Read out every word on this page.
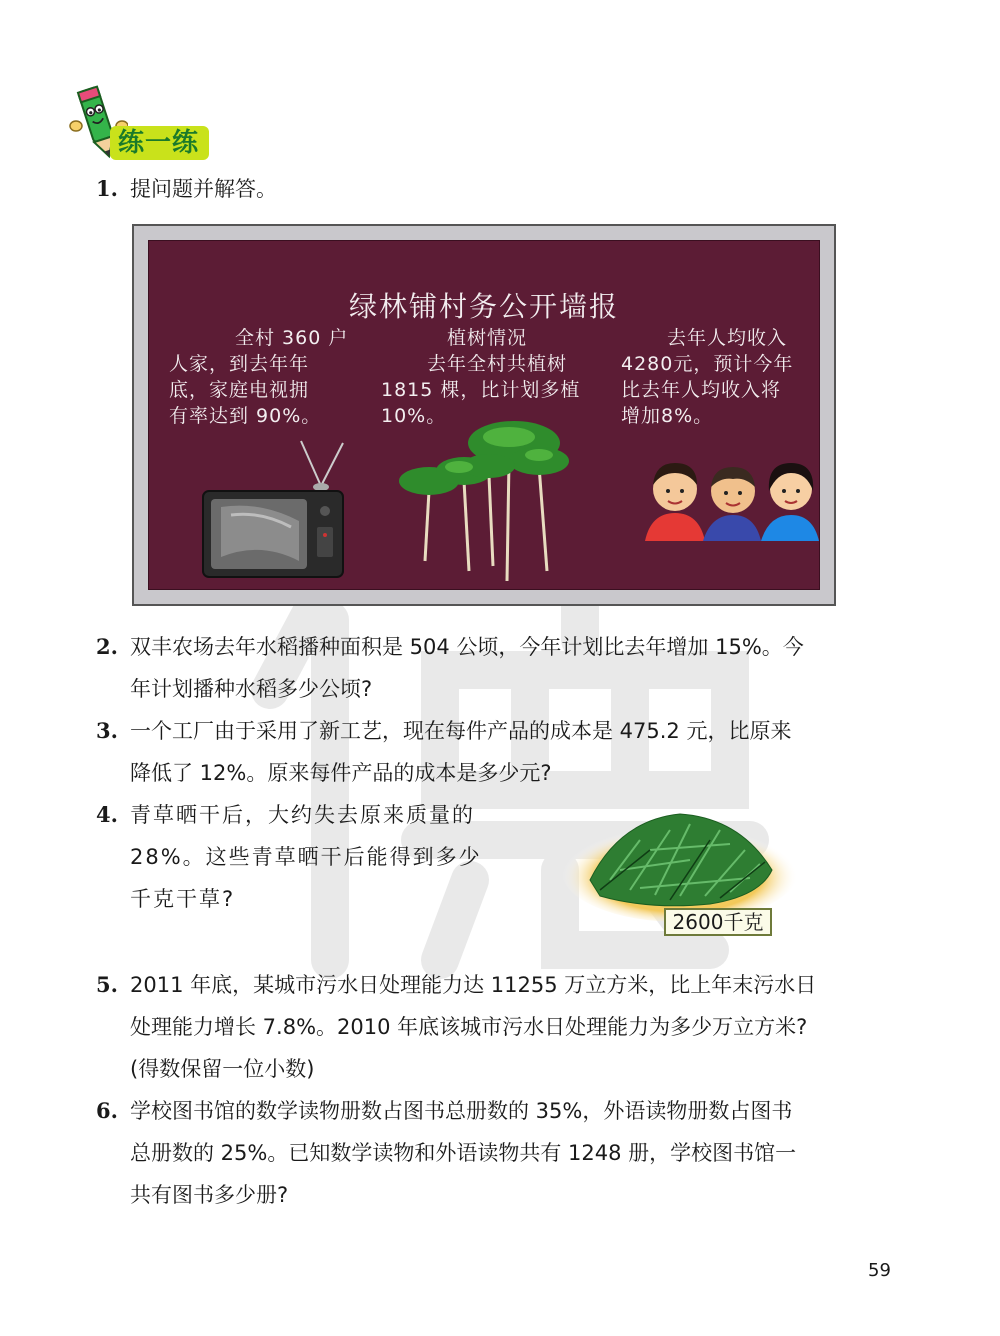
练一练
1. 提问题并解答。
绿林铺村务公开墙报
全村 360 户
人家，到去年年
底，家庭电视拥
有率达到 90%。
植树情况
去年全村共植树
1815 棵，比计划多植
10%。
去年人均收入
4280元，预计今年
比去年人均收入将
增加8%。
2. 双丰农场去年水稻播种面积是 504 公顷，今年计划比去年增加 15%。今
年计划播种水稻多少公顷?
3. 一个工厂由于采用了新工艺，现在每件产品的成本是 475.2 元，比原来
降低了 12%。原来每件产品的成本是多少元?
4. 青草晒干后，大约失去原来质量的
28%。这些青草晒干后能得到多少
千克干草?
2600千克
5. 2011 年底，某城市污水日处理能力达 11255 万立方米，比上年末污水日
处理能力增长 7.8%。2010 年底该城市污水日处理能力为多少万立方米?
(得数保留一位小数)
6. 学校图书馆的数学读物册数占图书总册数的 35%，外语读物册数占图书
总册数的 25%。已知数学读物和外语读物共有 1248 册，学校图书馆一
共有图书多少册?
59
